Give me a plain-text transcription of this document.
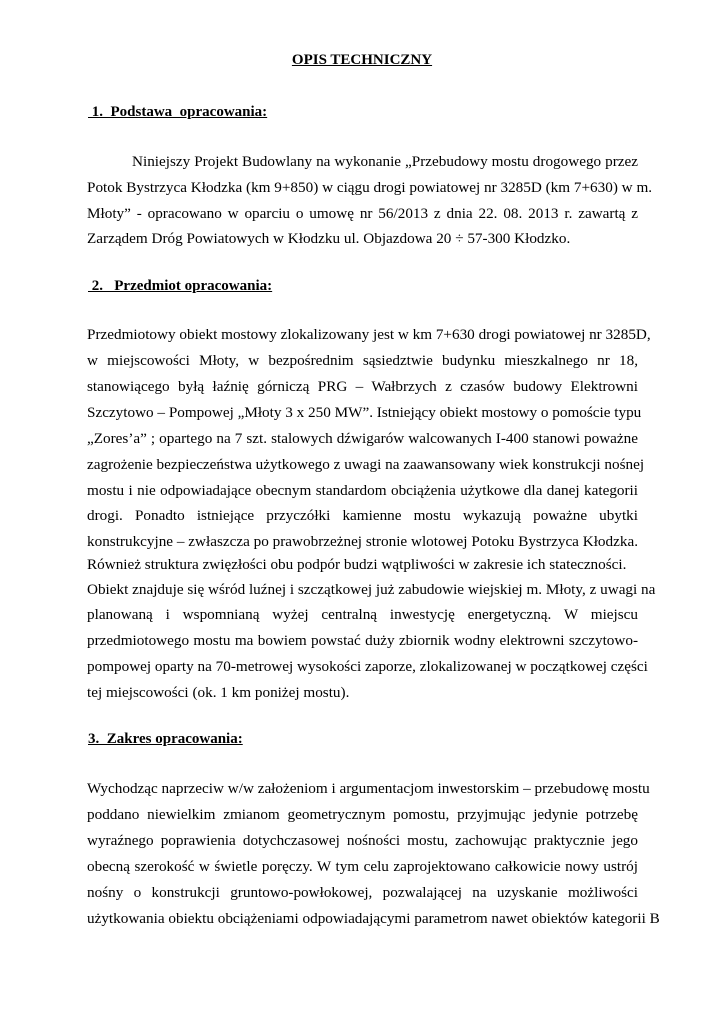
OPIS TECHNICZNY
1.  Podstawa  opracowania:
Niniejszy Projekt Budowlany na wykonanie „Przebudowy mostu drogowego przez
Potok Bystrzyca Kłodzka (km 9+850) w ciągu drogi powiatowej nr 3285D (km 7+630) w m.
Młoty” - opracowano w oparciu o umowę nr 56/2013 z dnia 22. 08. 2013 r. zawartą z
Zarządem Dróg Powiatowych w Kłodzku ul. Objazdowa 20 ÷ 57-300 Kłodzko.
2.   Przedmiot opracowania:
Przedmiotowy obiekt mostowy zlokalizowany jest w km 7+630 drogi powiatowej nr 3285D,
w miejscowości Młoty, w bezpośrednim sąsiedztwie budynku mieszkalnego nr 18,
stanowiącego byłą łaźnię górniczą PRG – Wałbrzych z czasów budowy Elektrowni
Szczytowo – Pompowej „Młoty 3 x 250 MW”. Istniejący obiekt mostowy o pomoście typu
„Zores’a” ; opartego na 7 szt. stalowych dźwigarów walcowanych I-400 stanowi poważne
zagrożenie bezpieczeństwa użytkowego z uwagi na zaawansowany wiek konstrukcji nośnej
mostu i nie odpowiadające obecnym standardom obciążenia użytkowe dla danej kategorii
drogi. Ponadto istniejące przyczółki kamienne mostu wykazują poważne ubytki
konstrukcyjne – zwłaszcza po prawobrzeżnej stronie wlotowej Potoku Bystrzyca Kłodzka.
Również struktura zwięzłości obu podpór budzi wątpliwości w zakresie ich stateczności.
Obiekt znajduje się wśród luźnej i szczątkowej już zabudowie wiejskiej m. Młoty, z uwagi na
planowaną i wspomnianą wyżej centralną inwestycję energetyczną. W miejscu
przedmiotowego mostu ma bowiem powstać duży zbiornik wodny elektrowni szczytowo-
pompowej oparty na 70-metrowej wysokości zaporze, zlokalizowanej w początkowej części
tej miejscowości (ok. 1 km poniżej mostu).
3.  Zakres opracowania:
Wychodząc naprzeciw w/w założeniom i argumentacjom inwestorskim – przebudowę mostu
poddano niewielkim zmianom geometrycznym pomostu, przyjmując jedynie potrzebę
wyraźnego poprawienia dotychczasowej nośności mostu, zachowując praktycznie jego
obecną szerokość w świetle poręczy. W tym celu zaprojektowano całkowicie nowy ustrój
nośny o konstrukcji gruntowo-powłokowej, pozwalającej na uzyskanie możliwości
użytkowania obiektu obciążeniami odpowiadającymi parametrom nawet obiektów kategorii B
